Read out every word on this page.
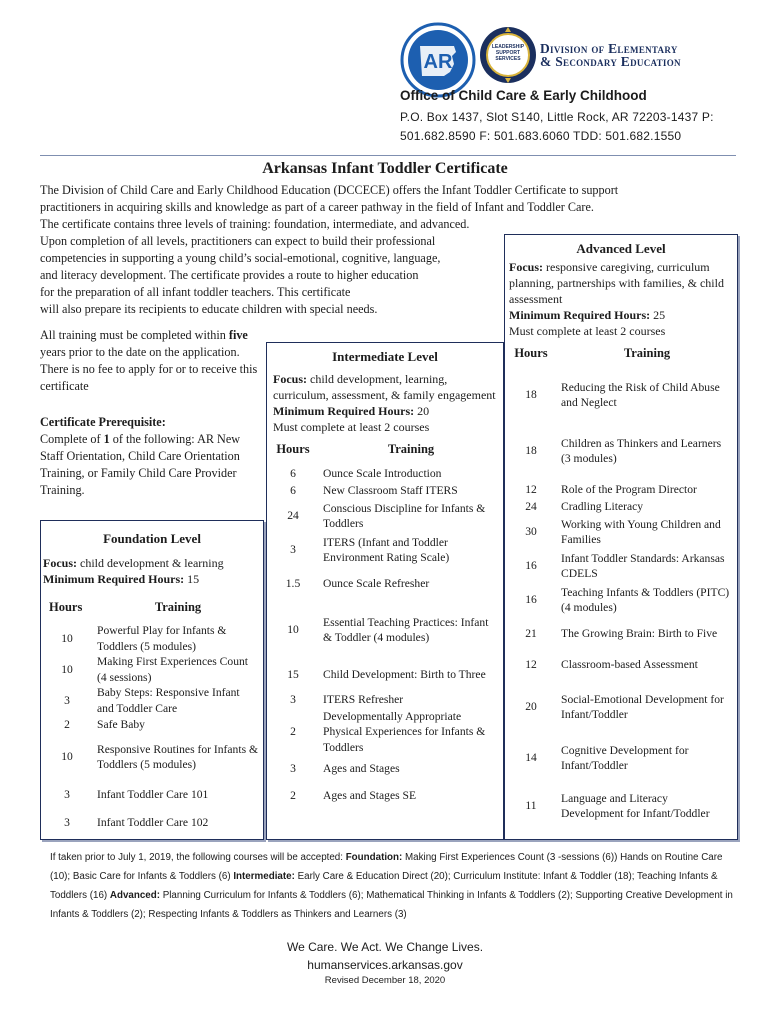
AR
LEADERSHIP SUPPORT SERVICES
Division of Elementary
& Secondary Education
Office of Child Care & Early Childhood
P.O. Box 1437, Slot S140, Little Rock, AR 72203-1437 P: 501.682.8590 F: 501.683.6060 TDD: 501.682.1550
Arkansas Infant Toddler Certificate
The Division of Child Care and Early Childhood Education (DCCECE) offers the Infant Toddler Certificate to support
practitioners in acquiring skills and knowledge as part of a career pathway in the field of Infant and Toddler Care.
The certificate contains three levels of training: foundation, intermediate, and advanced.
Upon completion of all levels, practitioners can expect to build their professional
competencies in supporting a young child’s social-emotional, cognitive, language,
and literacy development. The certificate provides a route to higher education
for the preparation of all infant toddler teachers. This certificate
will also prepare its recipients to educate children with special needs.
All training must be completed within five years prior to the date on the application. There is no fee to apply for or to receive this certificate
Certificate Prerequisite:
Complete of 1 of the following: AR New Staff Orientation, Child Care Orientation Training, or Family Child Care Provider Training.
Foundation Level
Focus: child development & learning
Minimum Required Hours: 15
Hours	Training
10	Powerful Play for Infants & Toddlers (5 modules)
10	Making First Experiences Count (4 sessions)
3	Baby Steps: Responsive Infant and Toddler Care
2	Safe Baby
10	Responsive Routines for Infants & Toddlers (5 modules)
3	Infant Toddler Care 101
3	Infant Toddler Care 102
Intermediate Level
Focus: child development, learning, curriculum, assessment, & family engagement
Minimum Required Hours: 20
Must complete at least 2 courses
Hours	Training
6	Ounce Scale Introduction
6	New Classroom Staff ITERS
24	Conscious Discipline for Infants & Toddlers
3	ITERS (Infant and Toddler Environment Rating Scale)
1.5	Ounce Scale Refresher
10	Essential Teaching Practices: Infant & Toddler (4 modules)
15	Child Development: Birth to Three
3	ITERS Refresher
2	Developmentally Appropriate Physical Experiences for Infants & Toddlers
3	Ages and Stages
2	Ages and Stages SE
Advanced Level
Focus: responsive caregiving, curriculum planning, partnerships with families, & child assessment
Minimum Required Hours: 25
Must complete at least 2 courses
Hours	Training
18	Reducing the Risk of Child Abuse and Neglect
18	Children as Thinkers and Learners (3 modules)
12	Role of the Program Director
24	Cradling Literacy
30	Working with Young Children and Families
16	Infant Toddler Standards: Arkansas CDELS
16	Teaching Infants & Toddlers (PITC) (4 modules)
21	The Growing Brain: Birth to Five
12	Classroom-based Assessment
20	Social-Emotional Development for Infant/Toddler
14	Cognitive Development for Infant/Toddler
11	Language and Literacy Development for Infant/Toddler
If taken prior to July 1, 2019, the following courses will be accepted: Foundation: Making First Experiences Count (3 -sessions (6)) Hands on Routine Care (10); Basic Care for Infants & Toddlers (6) Intermediate: Early Care & Education Direct (20); Curriculum Institute: Infant & Toddler (18); Teaching Infants & Toddlers (16) Advanced: Planning Curriculum for Infants & Toddlers (6); Mathematical Thinking in Infants & Toddlers (2); Supporting Creative Development in Infants & Toddlers (2); Respecting Infants & Toddlers as Thinkers and Learners (3)
We Care. We Act. We Change Lives.
humanservices.arkansas.gov
Revised December 18, 2020
